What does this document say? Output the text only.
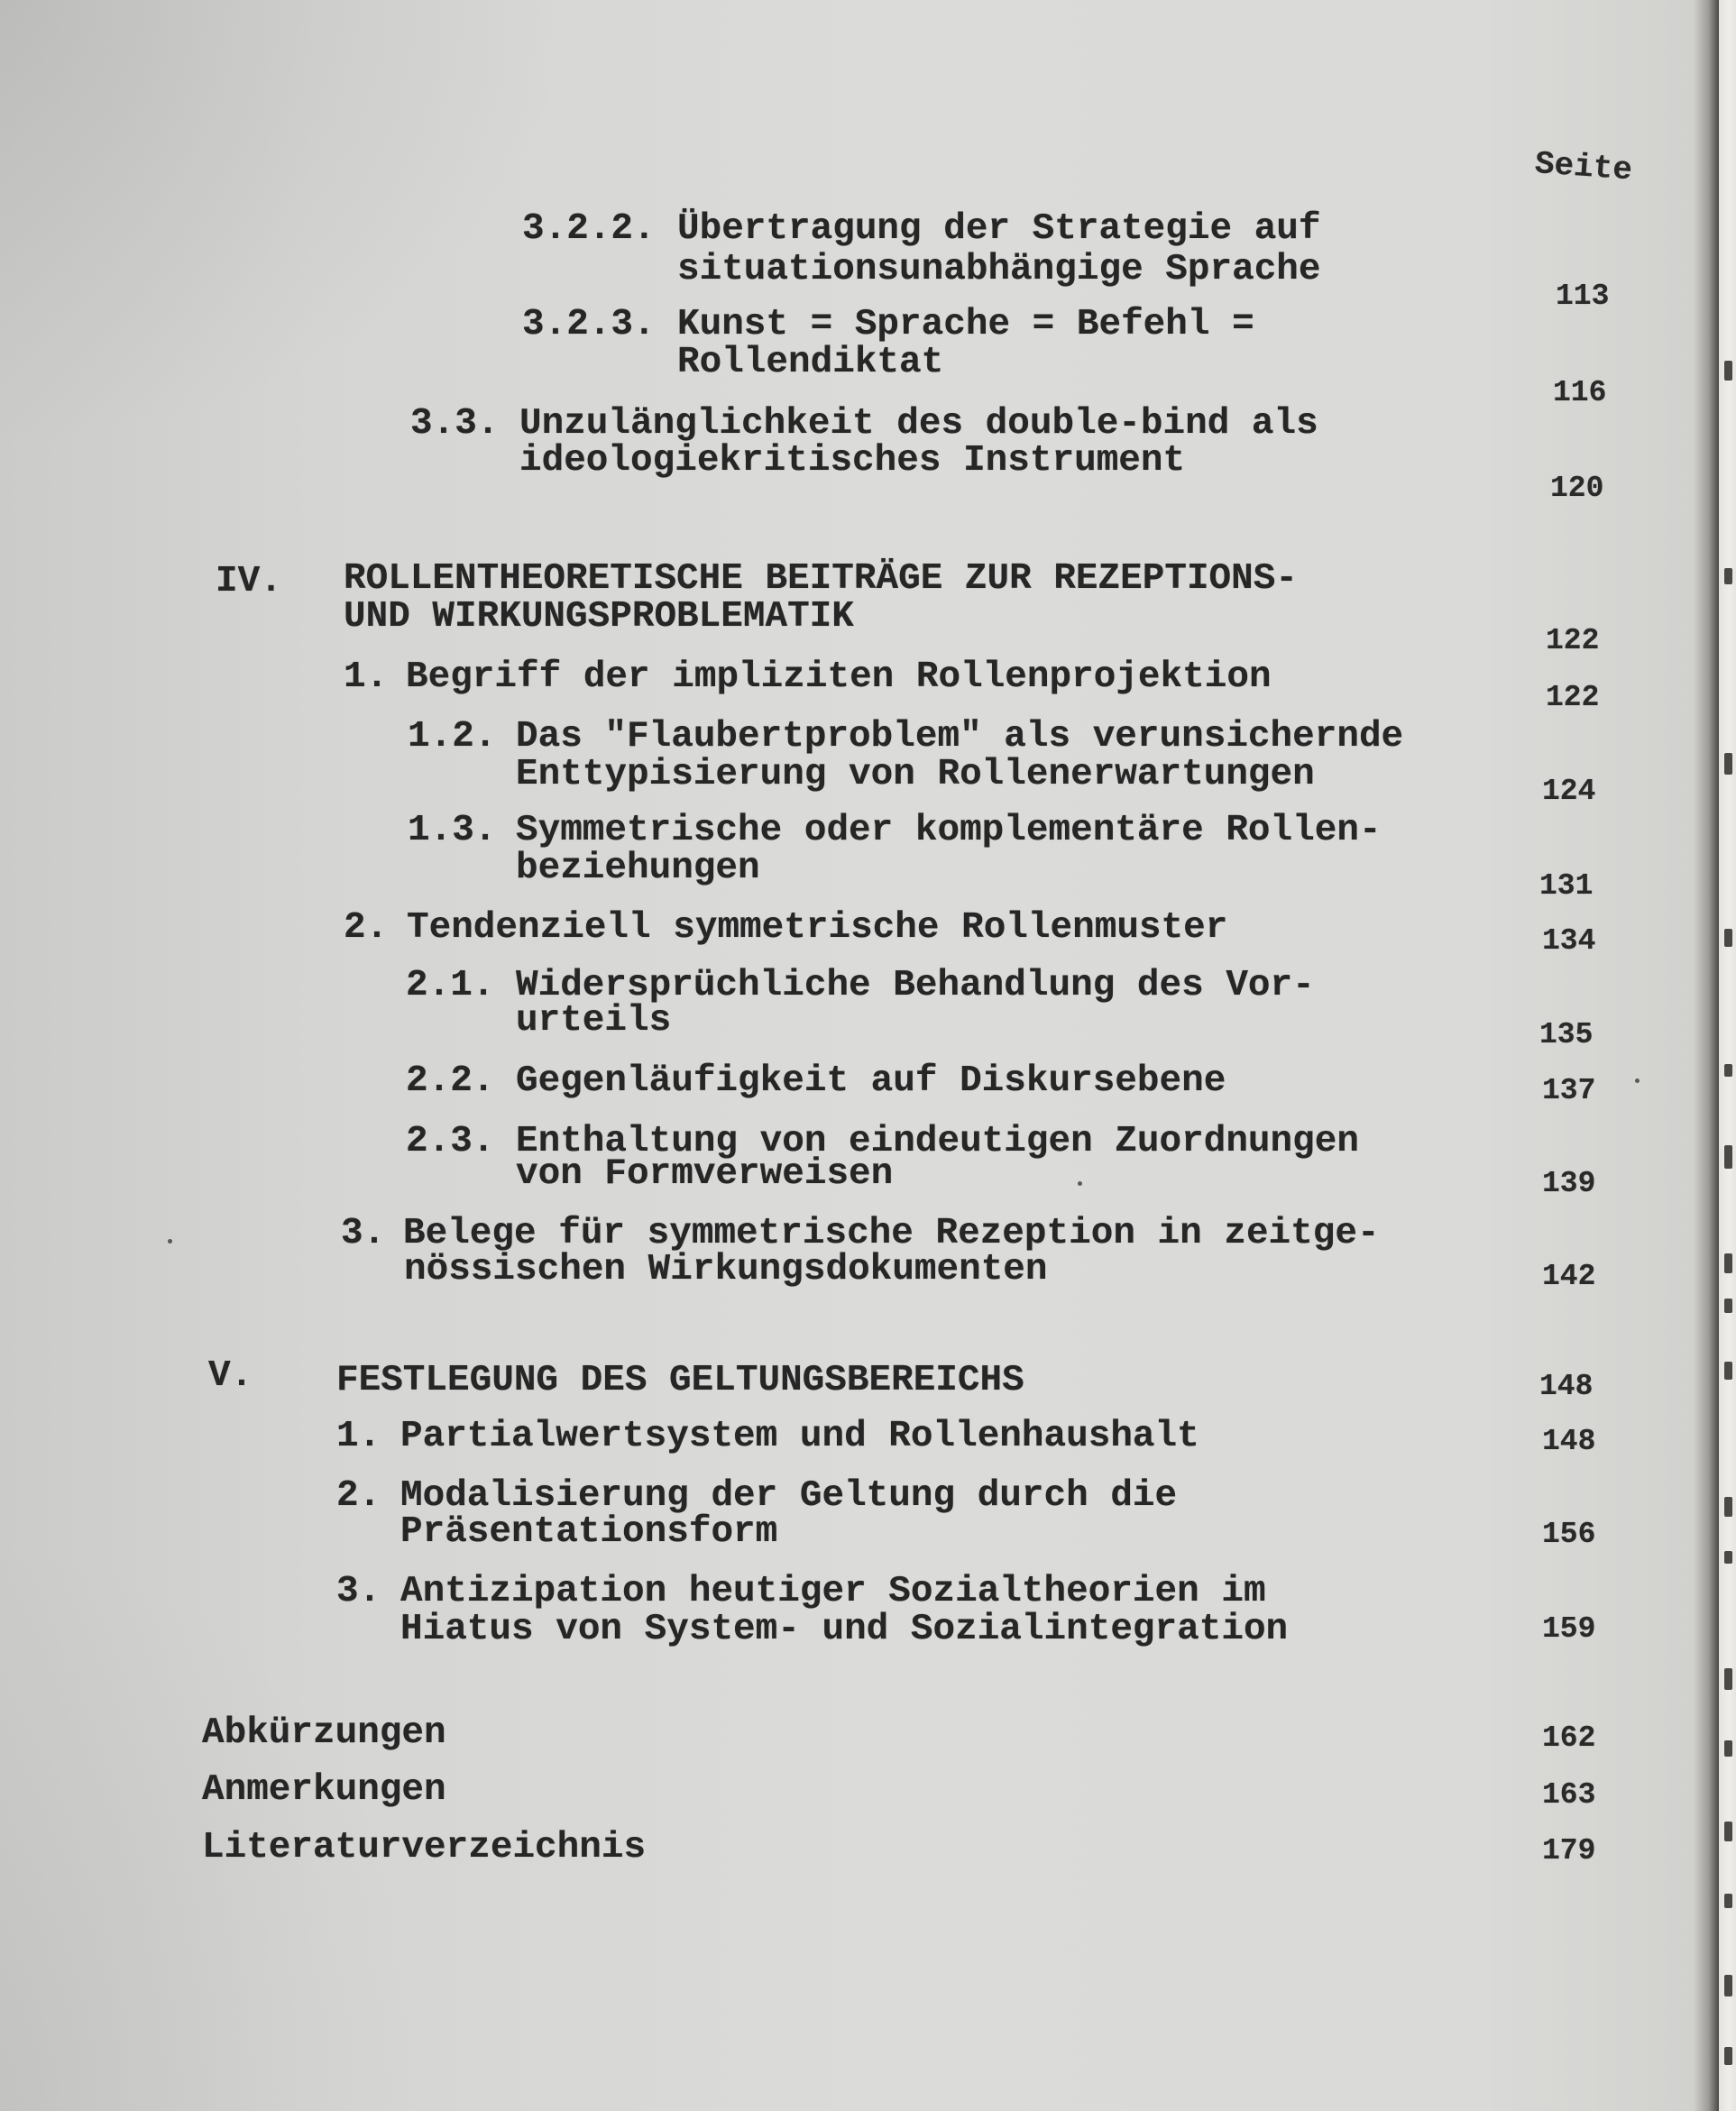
Seite
3.2.2. Übertragung der Strategie auf
situationsunabhängige Sprache
113
3.2.3. Kunst = Sprache = Befehl =
Rollendiktat
116
3.3. Unzulänglichkeit des double-bind als
ideologiekritisches Instrument
120
IV. ROLLENTHEORETISCHE BEITRÄGE ZUR REZEPTIONS-
UND WIRKUNGSPROBLEMATIK
122
1. Begriff der impliziten Rollenprojektion	122
1.2. Das "Flaubertproblem" als verunsichernde
Enttypisierung von Rollenerwartungen	124
1.3. Symmetrische oder komplementäre Rollen-
beziehungen	131
2. Tendenziell symmetrische Rollenmuster	134
2.1. Widersprüchliche Behandlung des Vor-
urteils	135
2.2. Gegenläufigkeit auf Diskursebene	137
2.3. Enthaltung von eindeutigen Zuordnungen
von Formverweisen	139
3. Belege für symmetrische Rezeption in zeitge-
nössischen Wirkungsdokumenten	142
V. FESTLEGUNG DES GELTUNGSBEREICHS	148
1. Partialwertsystem und Rollenhaushalt	148
2. Modalisierung der Geltung durch die
Präsentationsform	156
3. Antizipation heutiger Sozialtheorien im
Hiatus von System- und Sozialintegration	159
Abkürzungen	162
Anmerkungen	163
Literaturverzeichnis	179
